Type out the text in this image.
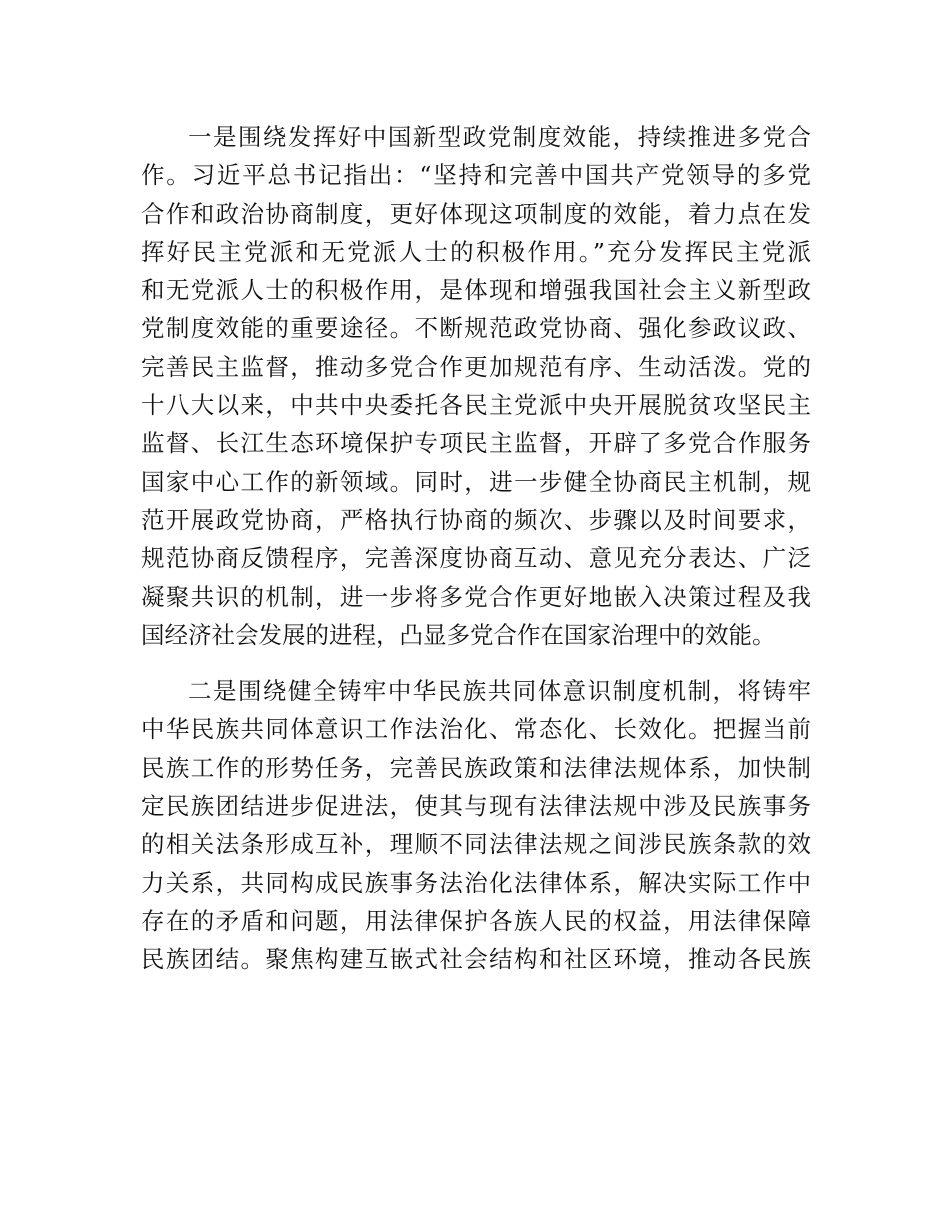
一是围绕发挥好中国新型政党制度效能，持续推进多党合
作。习近平总书记指出：“坚持和完善中国共产党领导的多党
合作和政治协商制度，更好体现这项制度的效能，着力点在发
挥好民主党派和无党派人士的积极作用。”充分发挥民主党派
和无党派人士的积极作用，是体现和增强我国社会主义新型政
党制度效能的重要途径。不断规范政党协商、强化参政议政、
完善民主监督，推动多党合作更加规范有序、生动活泼。党的
十八大以来，中共中央委托各民主党派中央开展脱贫攻坚民主
监督、长江生态环境保护专项民主监督，开辟了多党合作服务
国家中心工作的新领域。同时，进一步健全协商民主机制，规
范开展政党协商，严格执行协商的频次、步骤以及时间要求，
规范协商反馈程序，完善深度协商互动、意见充分表达、广泛
凝聚共识的机制，进一步将多党合作更好地嵌入决策过程及我
国经济社会发展的进程，凸显多党合作在国家治理中的效能。
二是围绕健全铸牢中华民族共同体意识制度机制，将铸牢
中华民族共同体意识工作法治化、常态化、长效化。把握当前
民族工作的形势任务，完善民族政策和法律法规体系，加快制
定民族团结进步促进法，使其与现有法律法规中涉及民族事务
的相关法条形成互补，理顺不同法律法规之间涉民族条款的效
力关系，共同构成民族事务法治化法律体系，解决实际工作中
存在的矛盾和问题，用法律保护各族人民的权益，用法律保障
民族团结。聚焦构建互嵌式社会结构和社区环境，推动各民族
